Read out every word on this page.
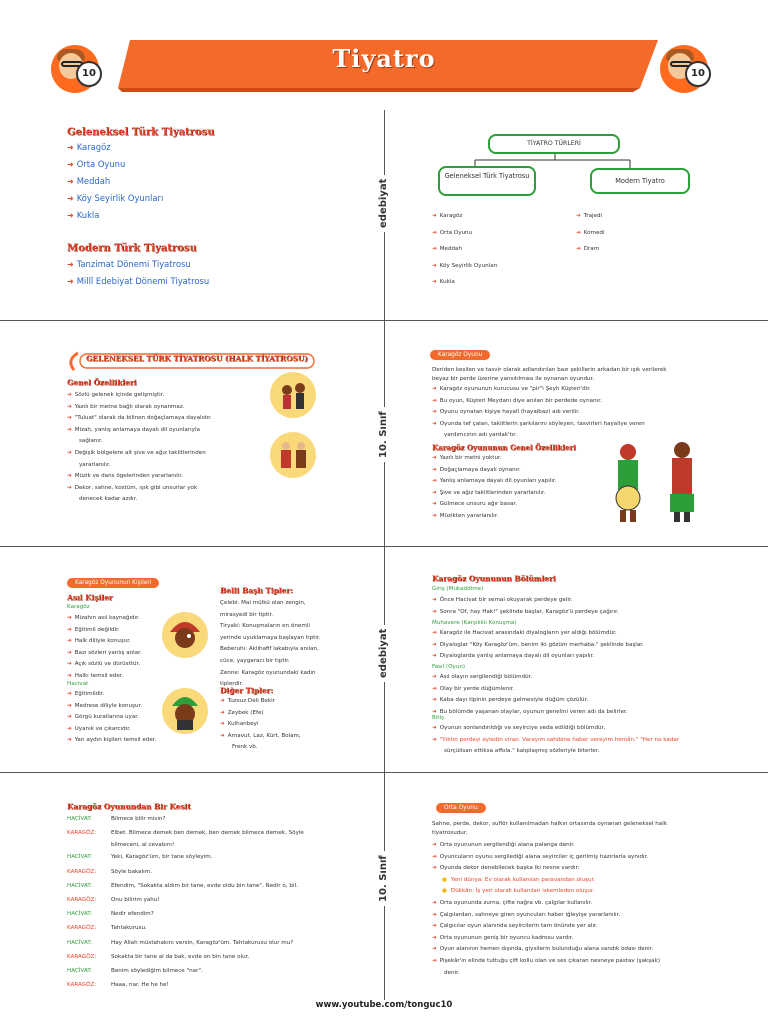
Tiyatro
10	10
edebiyat
10. Sınıf
edebiyat
10. Sınıf
Geleneksel Türk Tiyatrosu
➜ Karagöz
➜ Orta Oyunu
➜ Meddah
➜ Köy Seyirlik Oyunları
➜ Kukla
Modern Türk Tiyatrosu
➜ Tanzimat Dönemi Tiyatrosu
➜ Millî Edebiyat Dönemi Tiyatrosu
TİYATRO TÜRLERİ
Geleneksel Türk Tiyatrosu
Modern Tiyatro
➜ Karagöz
➜ Orta Oyunu
➜ Meddah
➜ Köy Seyirlik Oyunları
➜ Kukla
➜ Trajedi
➜ Komedi
➜ Dram
GELENEKSEL TÜRK TİYATROSU (HALK TİYATROSU)
Genel Özellikleri
➜ Sözlü gelenek içinde gelişmiştir.
➜ Yazılı bir metne bağlı olarak oynanmaz.
➜ "Tuluat" olarak da bilinen doğaçlamaya dayalıdır.
➜ Mizah, yanlış anlamaya dayalı dil oyunlarıyla
sağlanır.
➜ Değişik bölgelere ait şive ve ağız taklitlerinden
yararlanılır.
➜ Müzik ve dans ögelerinden yararlanılır.
➜ Dekor, sahne, kostüm, ışık gibi unsurlar yok
denecek kadar azdır.
Karagöz Oyunu
Deriden kesilen ve tasvir olarak adlandırılan bazı şekillerin arkadan bir ışık verilerek
beyaz bir perde üzerine yansıtılması ile oynanan oyundur.
➜ Karagöz oyununun kurucusu ve "pir"i Şeyh Küşteri'dir.
➜ Bu oyun, Küşteri Meydanı diye anılan bir perdede oynanır.
➜ Oyunu oynatan kişiye hayalî (hayalbaz) adı verilir.
➜ Oyunda tef çalan, taklitlerin şarkılarını söyleyen, tasvirleri hayaliye veren
yardımcının adı yardak'tır.
Karagöz Oyununun Genel Özellikleri
➜ Yazılı bir metni yoktur.
➜ Doğaçlamaya dayalı oynanır.
➜ Yanlış anlamaya dayalı dil oyunları yapılır.
➜ Şive ve ağız taklitlerinden yararlanılır.
➜ Gülmece unsuru ağır basar.
➜ Müzikten yararlanılır.
Karagöz Oyununun Kişileri
Asıl Kişiler
Karagöz
➜ Mizahın asıl kaynağıdır.
➜ Eğitimli değildir.
➜ Halk diliyle konuşur.
➜ Bazı sözleri yanlış anlar.
➜ Açık sözlü ve dürüsttür.
➜ Halkı temsil eder.
Hacivat
➜ Eğitimlidir.
➜ Medrese diliyle konuşur.
➜ Görgü kurallarına uyar.
➜ Uyanık ve çıkarcıdır.
➜ Yarı aydın kişileri temsil eder.
Belli Başlı Tipler:
Çelebi: Mal mülkü olan zengin,
mirasyedi bir tiptir.
Tiryaki: Konuşmaların en önemli
yerinde uyuklamaya başlayan tiptir.
Beberuhi: Aklıhafif lakabıyla anılan,
cüce, yaygaracı bir tiptir.
Zenne: Karagöz oyunundaki kadın
tiplerdir.
Diğer Tipler:
➜ Tuzsuz Deli Bekir
➜ Zeybek (Efe)
➜ Kulhanbeyi
➜ Arnavut, Laz, Kürt, Bolam,
Frenk vb.
Karagöz Oyununun Bölümleri
Giriş (Mukaddime)
➜ Önce Hacivat bir semai okuyarak perdeye gelir.
➜ Sonra "Of, hay Hak!" şeklinde başlar, Karagöz'ü perdeye çağırır.
Muhavere (Karşılıklı Konuşma)
➜ Karagöz ile Hacivat arasındaki diyalogların yer aldığı bölümdür.
➜ Diyaloglar "Köy Karagöz'üm, benim iki gözüm merhaba." şeklinde başlar.
➜ Diyaloglarda yanlış anlamaya dayalı dil oyunları yapılır.
Fasıl (Oyun)
➜ Asıl olayın sergilendiği bölümdür.
➜ Olay bir yerde düğümlenir.
➜ Kaba dayı tipinin perdeye gelmesiyle düğüm çözülür.
➜ Bu bölümde yaşanan olaylar, oyunun genelini veren adı da belirler.
Bitiş
➜ Oyunun sonlandırıldığı ve seyirciye veda edildiği bölümdür.
➜ "Yıktın perdeyi eyledin viran. Varayım sahibine haber vereyim hemân." "Her ne kadar
sürçülisan ettiksa affola." kalıplaşmış sözleriyle biterler.
Karagöz Oyunundan Bir Kesit
HACİVAT:	Bilmece bilir misin?
KARAGÖZ:	Elbet. Bilmece demek ben demek, ben demek bilmece demek. Söyle
bilmeceni, al cevabını!
HACİVAT:	Yeki, Karagöz'üm, bir tane söyleyim.
KARAGÖZ:	Söyle bakalım.
HACİVAT:	Efendim, "Sokakta aldım bir tane, evde oldu bin tane". Nedir o, bil.
KARAGÖZ:	Onu bilirim yahu!
HACİVAT:	Nedir efendim?
KARAGÖZ:	Tahtakurusu.
HACİVAT:	Hay Allah müstahakını versin, Karagöz'üm. Tahtakurusu olur mu?
KARAGÖZ:	Sokakta bir tane al da bak, evde on bin tane olur.
HACİVAT:	Benim söylediğim bilmece "nar".
KARAGÖZ:	Haaa, nar. He he he!
Orta Oyunu
Sahne, perde, dekor, suflör kullanılmadan halkın ortasında oynanan geleneksel halk
tiyatrosudur.
➜ Orta oyununun sergilendiği alana palanga denir.
➜ Oyuncuların oyunu sergilediği alana seyirciler iç gerilmiş hazırlarla aynıdır.
➜ Oyunda dekor denebilecek başka iki nesne vardır:
● Yeni dünya: Ev olarak kullanılan paravandan oluşur.
● Dükkân: İş yeri olarak kullanılan iskemleden oluşur.
➜ Orta oyununda zurna, çifte nağra vb. çalgılar kullanılır.
➜ Çalgılardan, sahneye giren oyuncuları haber iğleyişe yararlanılır.
➜ Çalgıcılar oyun alanında seyircilerin tam önünde yer alır.
➜ Orta oyununun geniş bir oyuncu kadrosu vardır.
➜ Oyun alanının hemen dışında, giysilerin bulunduğu alana sandık odası denir.
➜ Pişekâr'ın elinde tuttuğu çift kollu olan ve ses çıkaran nesneye pastav (şakşak)
denir.
www.youtube.com/tonguc10
